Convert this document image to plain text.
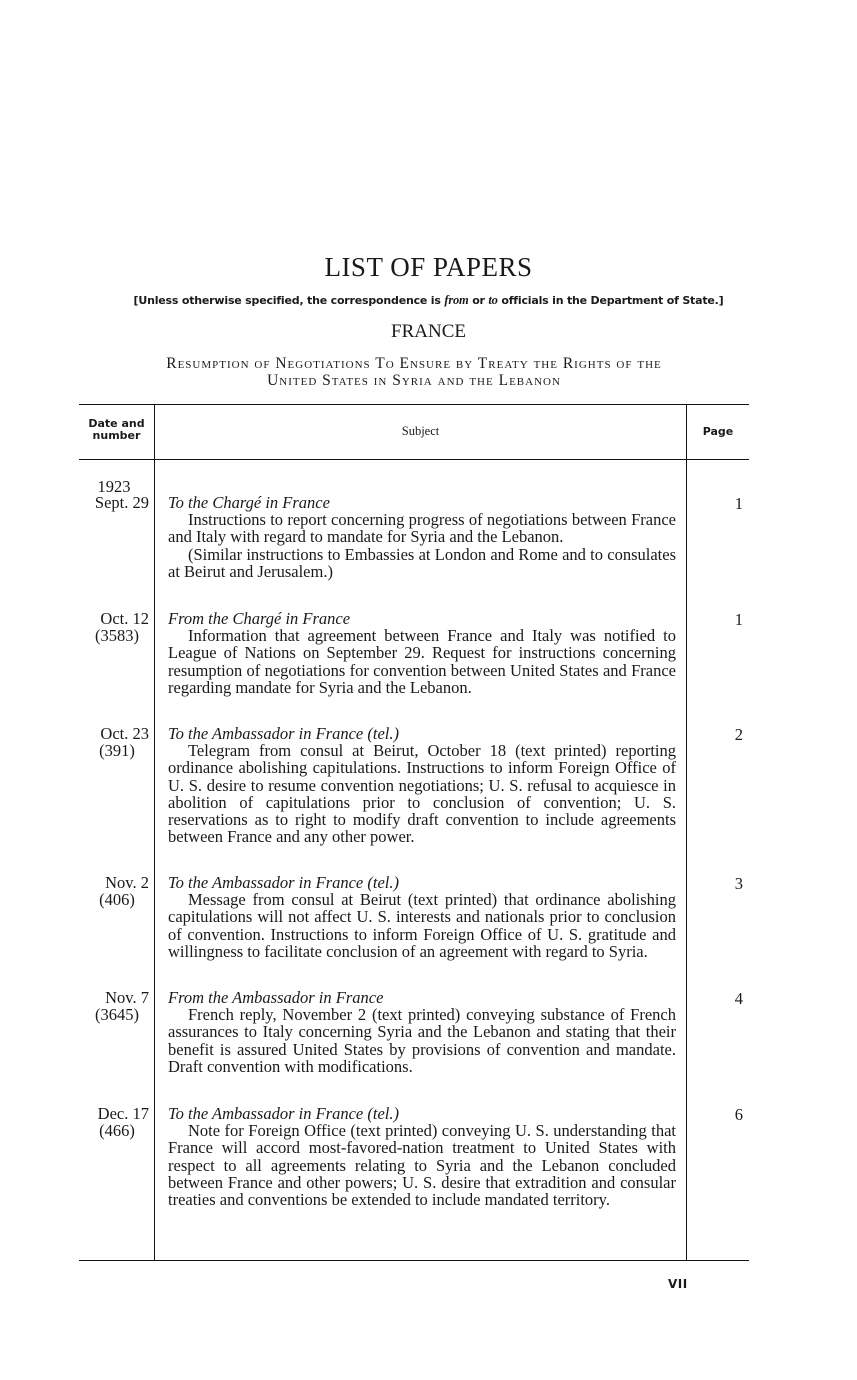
LIST OF PAPERS
[Unless otherwise specified, the correspondence is from or to officials in the Department of State.]
FRANCE
Resumption of Negotiations To Ensure by Treaty the Rights of the
United States in Syria and the Lebanon
Date and number	Subject	Page
1923
Sept. 29 To the Chargé in France
Instructions to report concerning progress of negotiations between France and Italy with regard to mandate for Syria and the Lebanon.
(Similar instructions to Embassies at London and Rome and to consulates at Beirut and Jerusalem.)
1
Oct. 12
(3583)
From the Chargé in France
Information that agreement between France and Italy was notified to League of Nations on September 29. Request for instructions concerning resumption of negotiations for convention between United States and France regarding mandate for Syria and the Lebanon.
1
Oct. 23
(391)
To the Ambassador in France (tel.)
Telegram from consul at Beirut, October 18 (text printed) reporting ordinance abolishing capitulations. Instructions to inform Foreign Office of U. S. desire to resume convention negotiations; U. S. refusal to acquiesce in abolition of capitulations prior to conclusion of convention; U. S. reservations as to right to modify draft convention to include agreements between France and any other power.
2
Nov. 2
(406)
To the Ambassador in France (tel.)
Message from consul at Beirut (text printed) that ordinance abolishing capitulations will not affect U. S. interests and nationals prior to conclusion of convention. Instructions to inform Foreign Office of U. S. gratitude and willingness to facilitate conclusion of an agreement with regard to Syria.
3
Nov. 7
(3645)
From the Ambassador in France
French reply, November 2 (text printed) conveying substance of French assurances to Italy concerning Syria and the Lebanon and stating that their benefit is assured United States by provisions of convention and mandate. Draft convention with modifications.
4
Dec. 17
(466)
To the Ambassador in France (tel.)
Note for Foreign Office (text printed) conveying U. S. understanding that France will accord most-favored-nation treatment to United States with respect to all agreements relating to Syria and the Lebanon concluded between France and other powers; U. S. desire that extradition and consular treaties and conventions be extended to include mandated territory.
6
VII
